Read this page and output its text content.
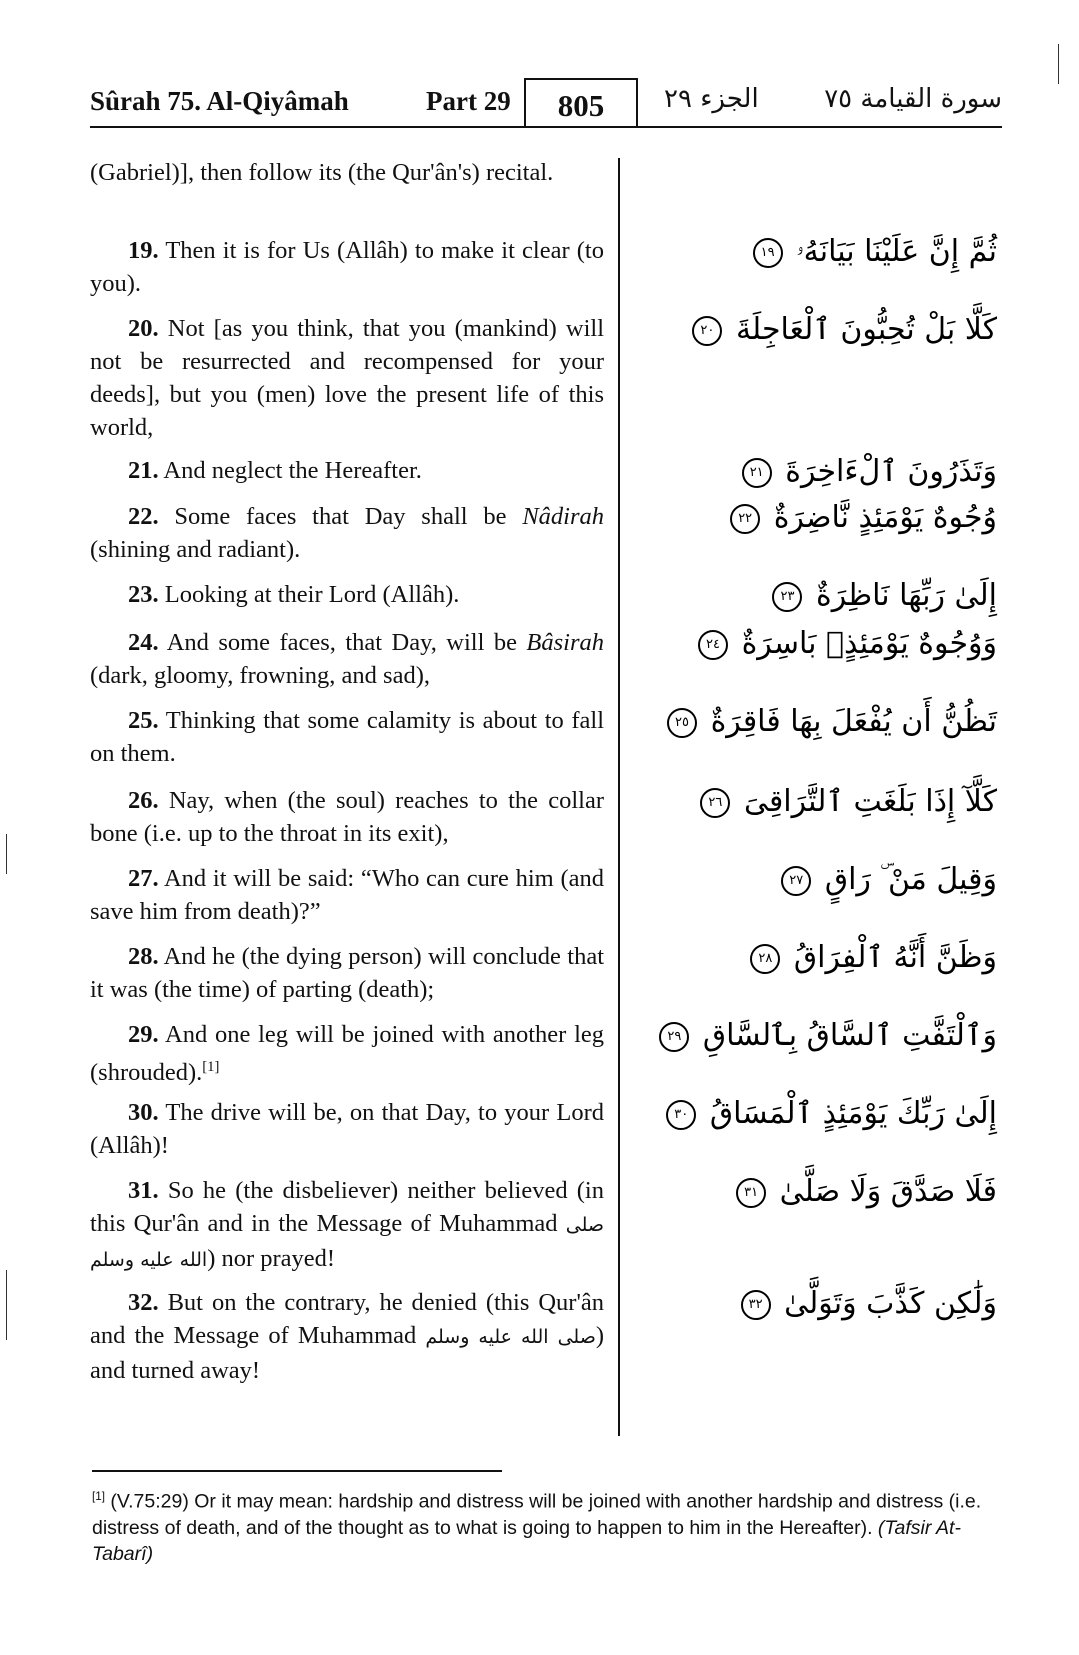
Sûrah 75. Al-Qiyâmah	Part 29	805	الجزء ٢٩	سورة القيامة ٧٥
(Gabriel)], then follow its (the Qur'ân's) recital.
19. Then it is for Us (Allâh) to make it clear (to you).
20. Not [as you think, that you (mankind) will not be resurrected and recompensed for your deeds], but you (men) love the present life of this world,
21. And neglect the Hereafter.
22. Some faces that Day shall be Nâdirah (shining and radiant).
23. Looking at their Lord (Allâh).
24. And some faces, that Day, will be Bâsirah (dark, gloomy, frowning, and sad),
25. Thinking that some calamity is about to fall on them.
26. Nay, when (the soul) reaches to the collar bone (i.e. up to the throat in its exit),
27. And it will be said: “Who can cure him (and save him from death)?”
28. And he (the dying person) will conclude that it was (the time) of parting (death);
29. And one leg will be joined with another leg (shrouded).[1]
30. The drive will be, on that Day, to your Lord (Allâh)!
31. So he (the disbeliever) neither believed (in this Qur'ân and in the Message of Muhammad صلى الله عليه وسلم) nor prayed!
32. But on the contrary, he denied (this Qur'ân and the Message of Muhammad صلى الله عليه وسلم) and turned away!
ثُمَّ إِنَّ عَلَيْنَا بَيَانَهُۥ ١٩
كَلَّا بَلْ تُحِبُّونَ ٱلْعَاجِلَةَ ٢٠
وَتَذَرُونَ ٱلْءَاخِرَةَ ٢١
وُجُوهٌ يَوْمَئِذٍ نَّاضِرَةٌ ٢٢
إِلَىٰ رَبِّهَا نَاظِرَةٌ ٢٣
وَوُجُوهٌ يَوْمَئِذٍۭ بَاسِرَةٌ ٢٤
تَظُنُّ أَن يُفْعَلَ بِهَا فَاقِرَةٌ ٢٥
كَلَّآ إِذَا بَلَغَتِ ٱلتَّرَاقِىَ ٢٦
وَقِيلَ مَنْ ۜ رَاقٍ ٢٧
وَظَنَّ أَنَّهُ ٱلْفِرَاقُ ٢٨
وَٱلْتَفَّتِ ٱلسَّاقُ بِٱلسَّاقِ ٢٩
إِلَىٰ رَبِّكَ يَوْمَئِذٍ ٱلْمَسَاقُ ٣٠
فَلَا صَدَّقَ وَلَا صَلَّىٰ ٣١
وَلَٰكِن كَذَّبَ وَتَوَلَّىٰ ٣٢
[1] (V.75:29) Or it may mean: hardship and distress will be joined with another hardship and distress (i.e. distress of death, and of the thought as to what is going to happen to him in the Hereafter). (Tafsir At-Tabarî)
